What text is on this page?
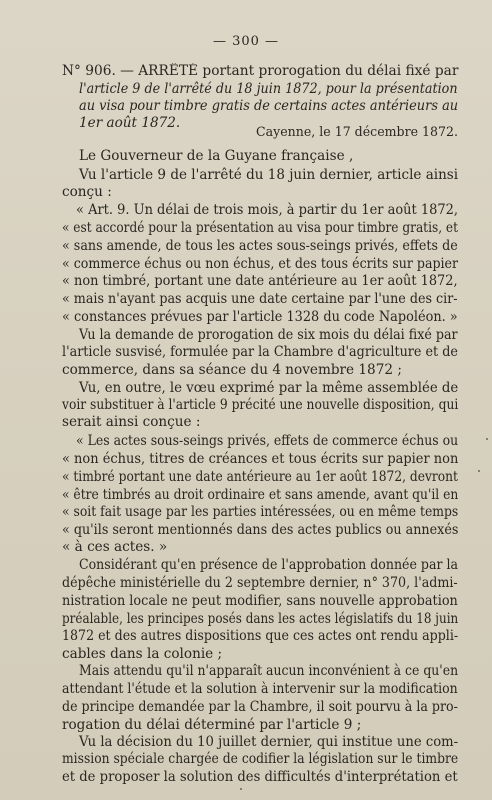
— 300 —
N° 906. — ARRÊTÉ portant prorogation du délai fixé par
l'article 9 de l'arrêté du 18 juin 1872, pour la présentation
au visa pour timbre gratis de certains actes antérieurs au
1er août 1872.
Cayenne, le 17 décembre 1872.
Le Gouverneur de la Guyane française ,
Vu l'article 9 de l'arrêté du 18 juin dernier, article ainsi
conçu :
« Art. 9. Un délai de trois mois, à partir du 1er août 1872,
« est accordé pour la présentation au visa pour timbre gratis, et
« sans amende, de tous les actes sous-seings privés, effets de
« commerce échus ou non échus, et des tous écrits sur papier
« non timbré, portant une date antérieure au 1er août 1872,
« mais n'ayant pas acquis une date certaine par l'une des cir-
« constances prévues par l'article 1328 du code Napoléon. »
Vu la demande de prorogation de six mois du délai fixé par
l'article susvisé, formulée par la Chambre d'agriculture et de
commerce, dans sa séance du 4 novembre 1872 ;
Vu, en outre, le vœu exprimé par la même assemblée de
voir substituer à l'article 9 précité une nouvelle disposition, qui
serait ainsi conçue :
« Les actes sous-seings privés, effets de commerce échus ou
« non échus, titres de créances et tous écrits sur papier non
« timbré portant une date antérieure au 1er août 1872, devront
« être timbrés au droit ordinaire et sans amende, avant qu'il en
« soit fait usage par les parties intéressées, ou en même temps
« qu'ils seront mentionnés dans des actes publics ou annexés
« à ces actes. »
Considérant qu'en présence de l'approbation donnée par la
dépêche ministérielle du 2 septembre dernier, n° 370, l'admi-
nistration locale ne peut modifier, sans nouvelle approbation
préalable, les principes posés dans les actes législatifs du 18 juin
1872 et des autres dispositions que ces actes ont rendu appli-
cables dans la colonie ;
Mais attendu qu'il n'apparaît aucun inconvénient à ce qu'en
attendant l'étude et la solution à intervenir sur la modification
de principe demandée par la Chambre, il soit pourvu à la pro-
rogation du délai déterminé par l'article 9 ;
Vu la décision du 10 juillet dernier, qui institue une com-
mission spéciale chargée de codifier la législation sur le timbre
et de proposer la solution des difficultés d'interprétation et
